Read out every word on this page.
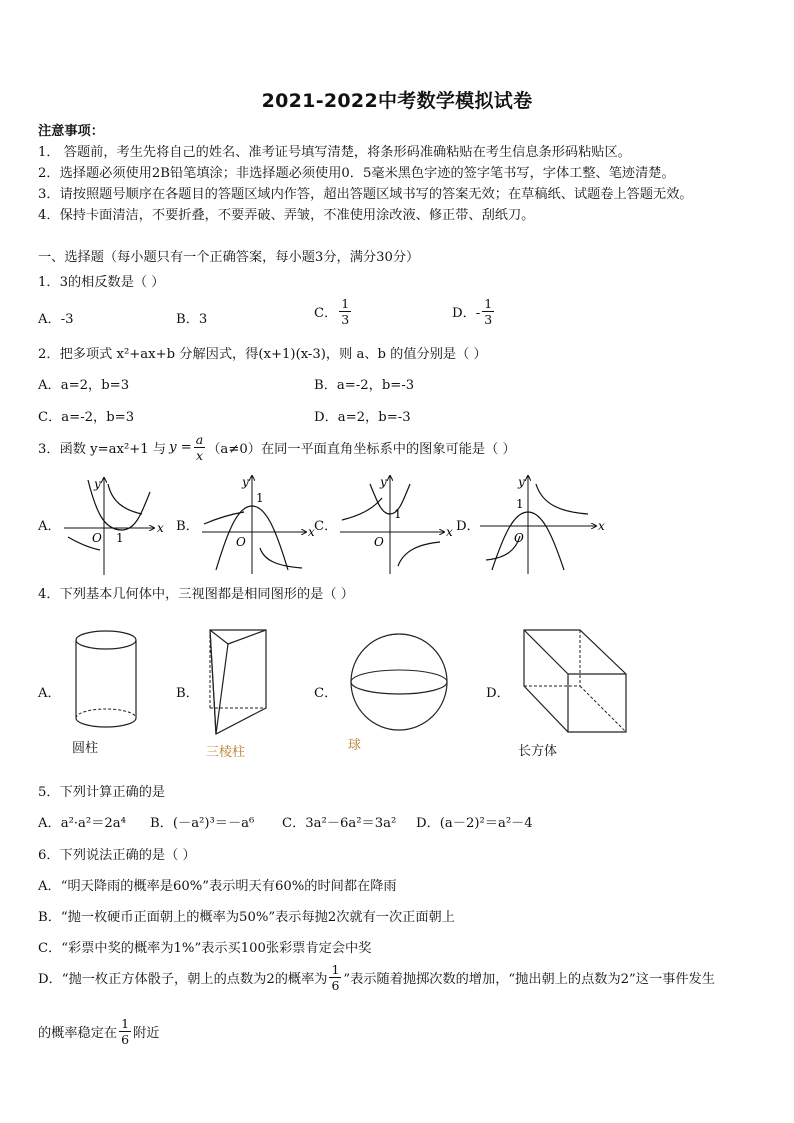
2021-2022中考数学模拟试卷
注意事项：
1． 答题前，考生先将自己的姓名、准考证号填写清楚，将条形码准确粘贴在考生信息条形码粘贴区。
2．选择题必须使用2B铅笔填涂；非选择题必须使用0．5毫米黑色字迹的签字笔书写，字体工整、笔迹清楚。
3．请按照题号顺序在各题目的答题区域内作答，超出答题区域书写的答案无效；在草稿纸、试题卷上答题无效。
4．保持卡面清洁，不要折叠，不要弄破、弄皱，不准使用涂改液、修正带、刮纸刀。
一、选择题（每小题只有一个正确答案，每小题3分，满分30分）
1．3的相反数是（ ）
A．-3	B．3	C． $\frac{1}{3}$	D．- $\frac{1}{3}$
2．把多项式 x²+ax+b 分解因式，得(x+1)(x-3)，则 a、b 的值分别是（ ）
A．a=2，b=3	B．a=-2，b=-3
C．a=-2，b=3	D．a=2，b=-3
3．函数 y=ax²+1 与 $y = \frac{a}{x} (a\ne 0)$在同一平面直角坐标系中的图象可能是（ ）
A．	B．	C．	D．
x
y
O 1	x
y
O
1
x
y
O
1
x
y
O
1
4．下列基本几何体中，三视图都是相同图形的是（ ）
A．	B．	C．	D．
圆柱	三棱柱	球	长方体
5．下列计算正确的是
A．a²·a²＝2a⁴ B．(－a²)³＝－a⁶ C．3a²－6a²＝3a² D．(a－2)²＝a²－4
6．下列说法正确的是（ ）
A．“明天降雨的概率是60%”表示明天有60%的时间都在降雨
B．“抛一枚硬币正面朝上的概率为50%”表示每抛2次就有一次正面朝上
C．“彩票中奖的概率为1%”表示买100张彩票肯定会中奖
D．“抛一枚正方体骰子，朝上的点数为2的概率为 $\frac{1}{6}$ ”表示随着抛掷次数的增加，“抛出朝上的点数为2”这一事件发生
的概率稳定在 $\frac{1}{6}$ 附近
